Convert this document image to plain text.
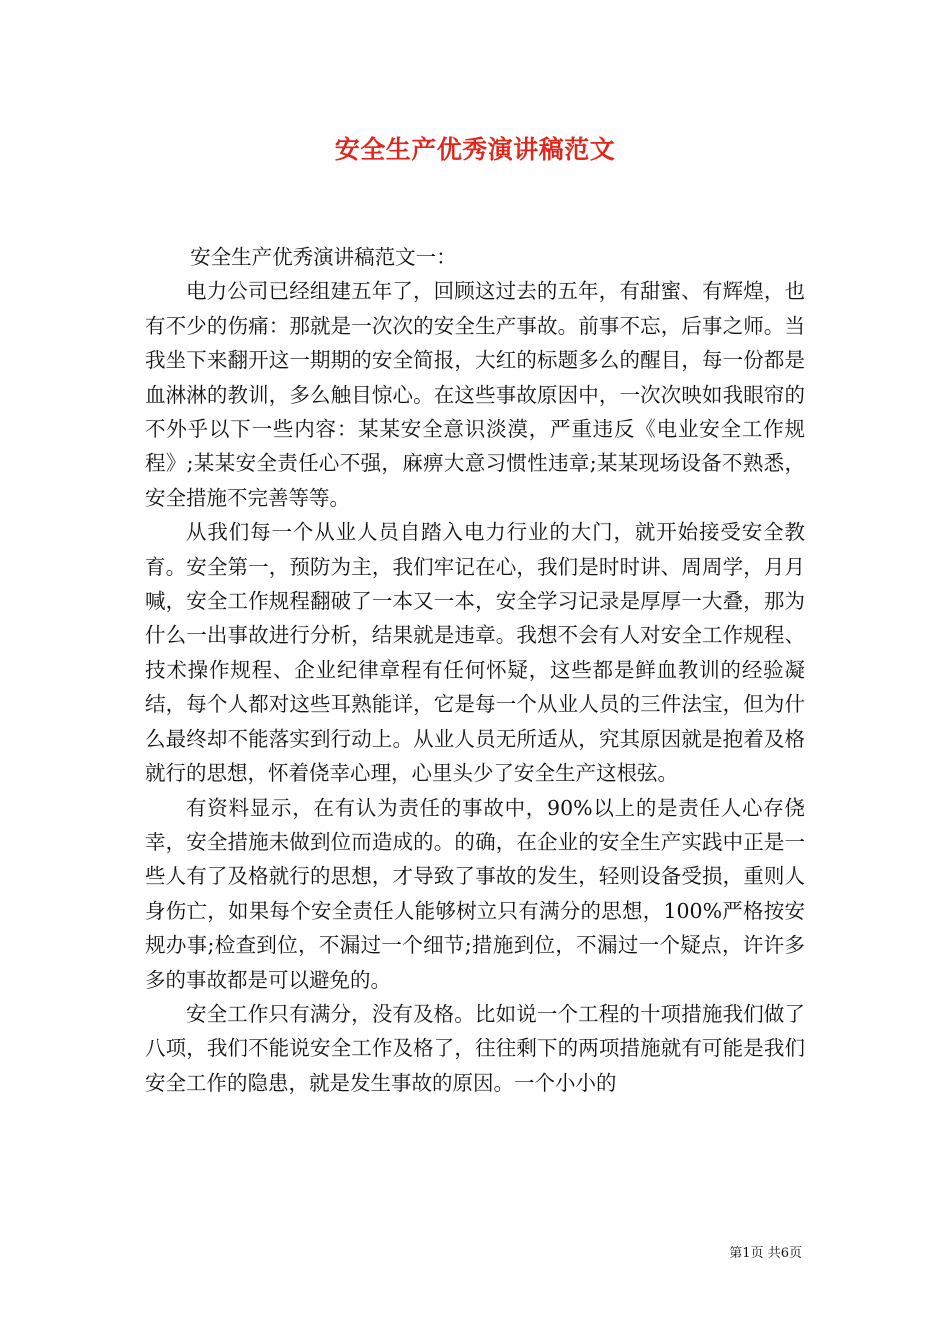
安全生产优秀演讲稿范文

安全生产优秀演讲稿范文一：

电力公司已经组建五年了，回顾这过去的五年，有甜蜜、有辉煌，也有不少的伤痛：那就是一次次的安全生产事故。前事不忘，后事之师。当我坐下来翻开这一期期的安全简报，大红的标题多么的醒目，每一份都是血淋淋的教训，多么触目惊心。在这些事故原因中，一次次映如我眼帘的不外乎以下一些内容：某某安全意识淡漠，严重违反《电业安全工作规程》;某某安全责任心不强，麻痹大意习惯性违章;某某现场设备不熟悉，安全措施不完善等等。

从我们每一个从业人员自踏入电力行业的大门，就开始接受安全教育。安全第一，预防为主，我们牢记在心，我们是时时讲、周周学，月月喊，安全工作规程翻破了一本又一本，安全学习记录是厚厚一大叠，那为什么一出事故进行分析，结果就是违章。我想不会有人对安全工作规程、技术操作规程、企业纪律章程有任何怀疑，这些都是鲜血教训的经验凝结，每个人都对这些耳熟能详，它是每一个从业人员的三件法宝，但为什么最终却不能落实到行动上。从业人员无所适从，究其原因就是抱着及格就行的思想，怀着侥幸心理，心里头少了安全生产这根弦。

有资料显示，在有认为责任的事故中，90%以上的是责任人心存侥幸，安全措施未做到位而造成的。的确，在企业的安全生产实践中正是一些人有了及格就行的思想，才导致了事故的发生，轻则设备受损，重则人身伤亡，如果每个安全责任人能够树立只有满分的思想，100%严格按安规办事;检查到位，不漏过一个细节;措施到位，不漏过一个疑点，许许多多的事故都是可以避免的。

安全工作只有满分，没有及格。比如说一个工程的十项措施我们做了八项，我们不能说安全工作及格了，往往剩下的两项措施就有可能是我们安全工作的隐患，就是发生事故的原因。一个小小的

第1页 共6页
